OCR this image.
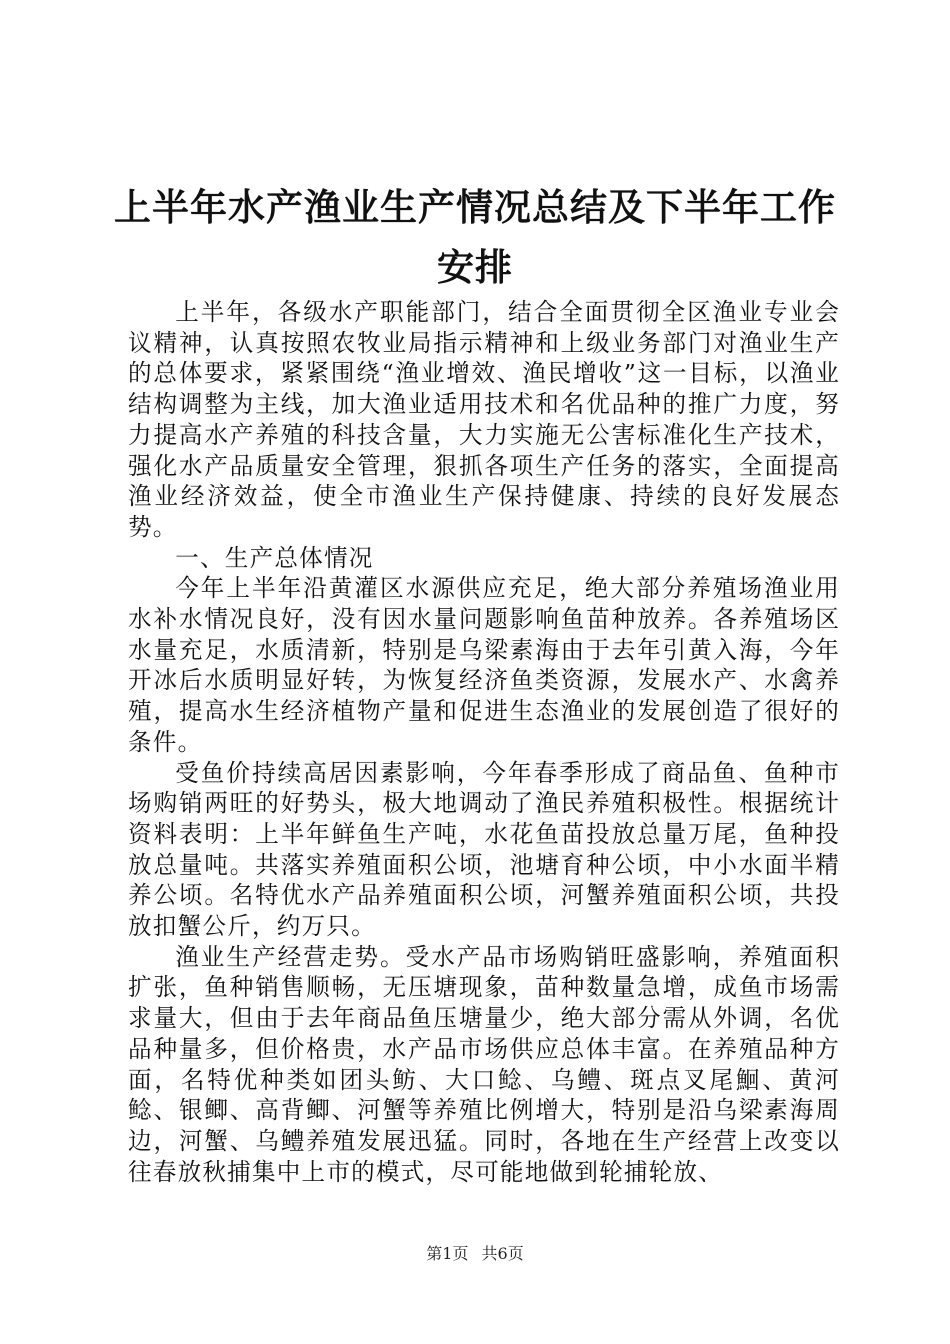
上半年水产渔业生产情况总结及下半年工作安排

上半年，各级水产职能部门，结合全面贯彻全区渔业专业会议精神，认真按照农牧业局指示精神和上级业务部门对渔业生产的总体要求，紧紧围绕“渔业增效、渔民增收”这一目标，以渔业结构调整为主线，加大渔业适用技术和名优品种的推广力度，努力提高水产养殖的科技含量，大力实施无公害标准化生产技术，强化水产品质量安全管理，狠抓各项生产任务的落实，全面提高渔业经济效益，使全市渔业生产保持健康、持续的良好发展态势。

一、生产总体情况

今年上半年沿黄灌区水源供应充足，绝大部分养殖场渔业用水补水情况良好，没有因水量问题影响鱼苗种放养。各养殖场区水量充足，水质清新，特别是乌梁素海由于去年引黄入海，今年开冰后水质明显好转，为恢复经济鱼类资源，发展水产、水禽养殖，提高水生经济植物产量和促进生态渔业的发展创造了很好的条件。

受鱼价持续高居因素影响，今年春季形成了商品鱼、鱼种市场购销两旺的好势头，极大地调动了渔民养殖积极性。根据统计资料表明：上半年鲜鱼生产吨，水花鱼苗投放总量万尾，鱼种投放总量吨。共落实养殖面积公顷，池塘育种公顷，中小水面半精养公顷。名特优水产品养殖面积公顷，河蟹养殖面积公顷，共投放扣蟹公斤，约万只。

渔业生产经营走势。受水产品市场购销旺盛影响，养殖面积扩张，鱼种销售顺畅，无压塘现象，苗种数量急增，成鱼市场需求量大，但由于去年商品鱼压塘量少，绝大部分需从外调，名优品种量多，但价格贵，水产品市场供应总体丰富。在养殖品种方面，名特优种类如团头鲂、大口鲶、乌鳢、斑点叉尾鮰、黄河鲶、银鲫、高背鲫、河蟹等养殖比例增大，特别是沿乌梁素海周边，河蟹、乌鳢养殖发展迅猛。同时，各地在生产经营上改变以往春放秋捕集中上市的模式，尽可能地做到轮捕轮放、

第1页 共6页
